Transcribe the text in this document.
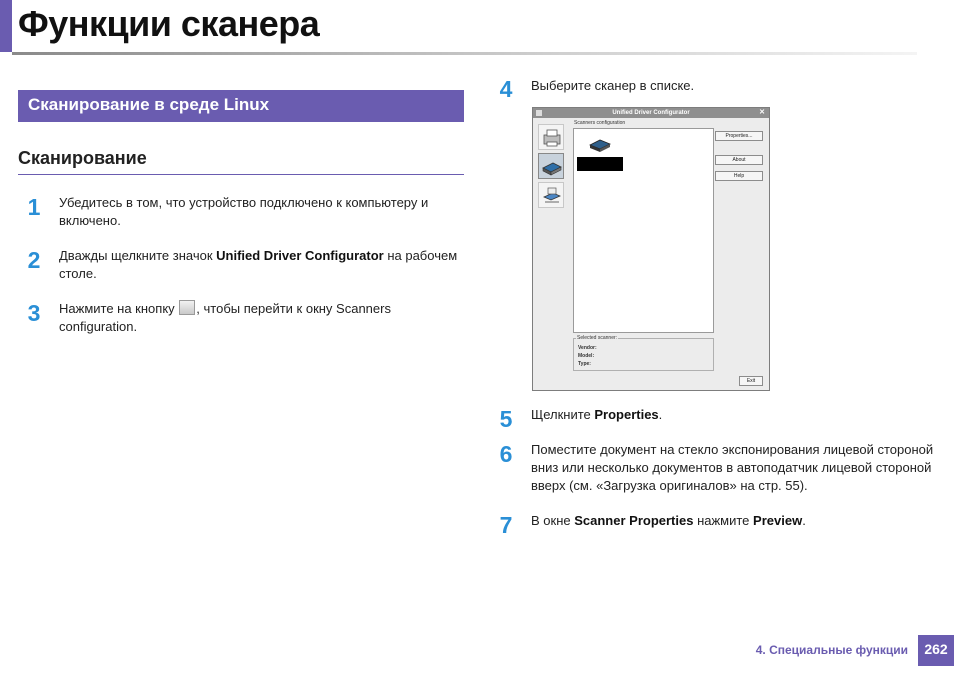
Функции сканера
Сканирование в среде Linux
Сканирование
1	Убедитесь в том, что устройство подключено к компьютеру и включено.
2	Дважды щелкните значок Unified Driver Configurator на рабочем столе.
3	Нажмите на кнопку , чтобы перейти к окну Scanners configuration.
4	Выберите сканер в списке.
Unified Driver Configurator	✕
Scanners configuration
Selected scanner:
Vendor:
Model:
Type:
Properties...
About
Help
Exit
5	Щелкните Properties.
6	Поместите документ на стекло экспонирования лицевой стороной вниз или несколько документов в автоподатчик лицевой стороной вверх (см. «Загрузка оригиналов» на стр. 55).
7	В окне Scanner Properties нажмите Preview.
4. Специальные функции	262
